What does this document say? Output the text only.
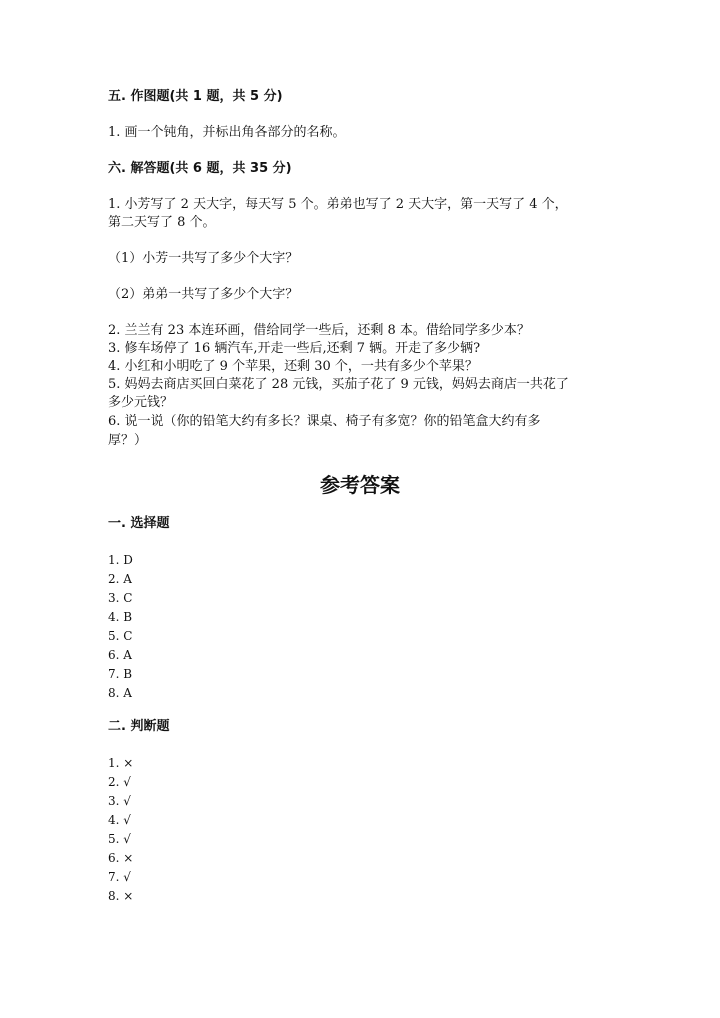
五. 作图题(共 1 题，共 5 分)
1. 画一个钝角，并标出角各部分的名称。
六. 解答题(共 6 题，共 35 分)
1. 小芳写了 2 天大字，每天写 5 个。弟弟也写了 2 天大字，第一天写了 4 个，
第二天写了 8 个。
（1）小芳一共写了多少个大字？
（2）弟弟一共写了多少个大字？
2. 兰兰有 23 本连环画，借给同学一些后，还剩 8 本。借给同学多少本？
3. 修车场停了 16 辆汽车,开走一些后,还剩 7 辆。开走了多少辆?
4. 小红和小明吃了 9 个苹果，还剩 30 个，一共有多少个苹果？
5. 妈妈去商店买回白菜花了 28 元钱，买茄子花了 9 元钱，妈妈去商店一共花了
多少元钱？
6. 说一说（你的铅笔大约有多长？课桌、椅子有多宽？你的铅笔盒大约有多
厚？）
参考答案
一. 选择题
1. D
2. A
3. C
4. B
5. C
6. A
7. B
8. A
二. 判断题
1. ×
2. √
3. √
4. √
5. √
6. ×
7. √
8. ×
